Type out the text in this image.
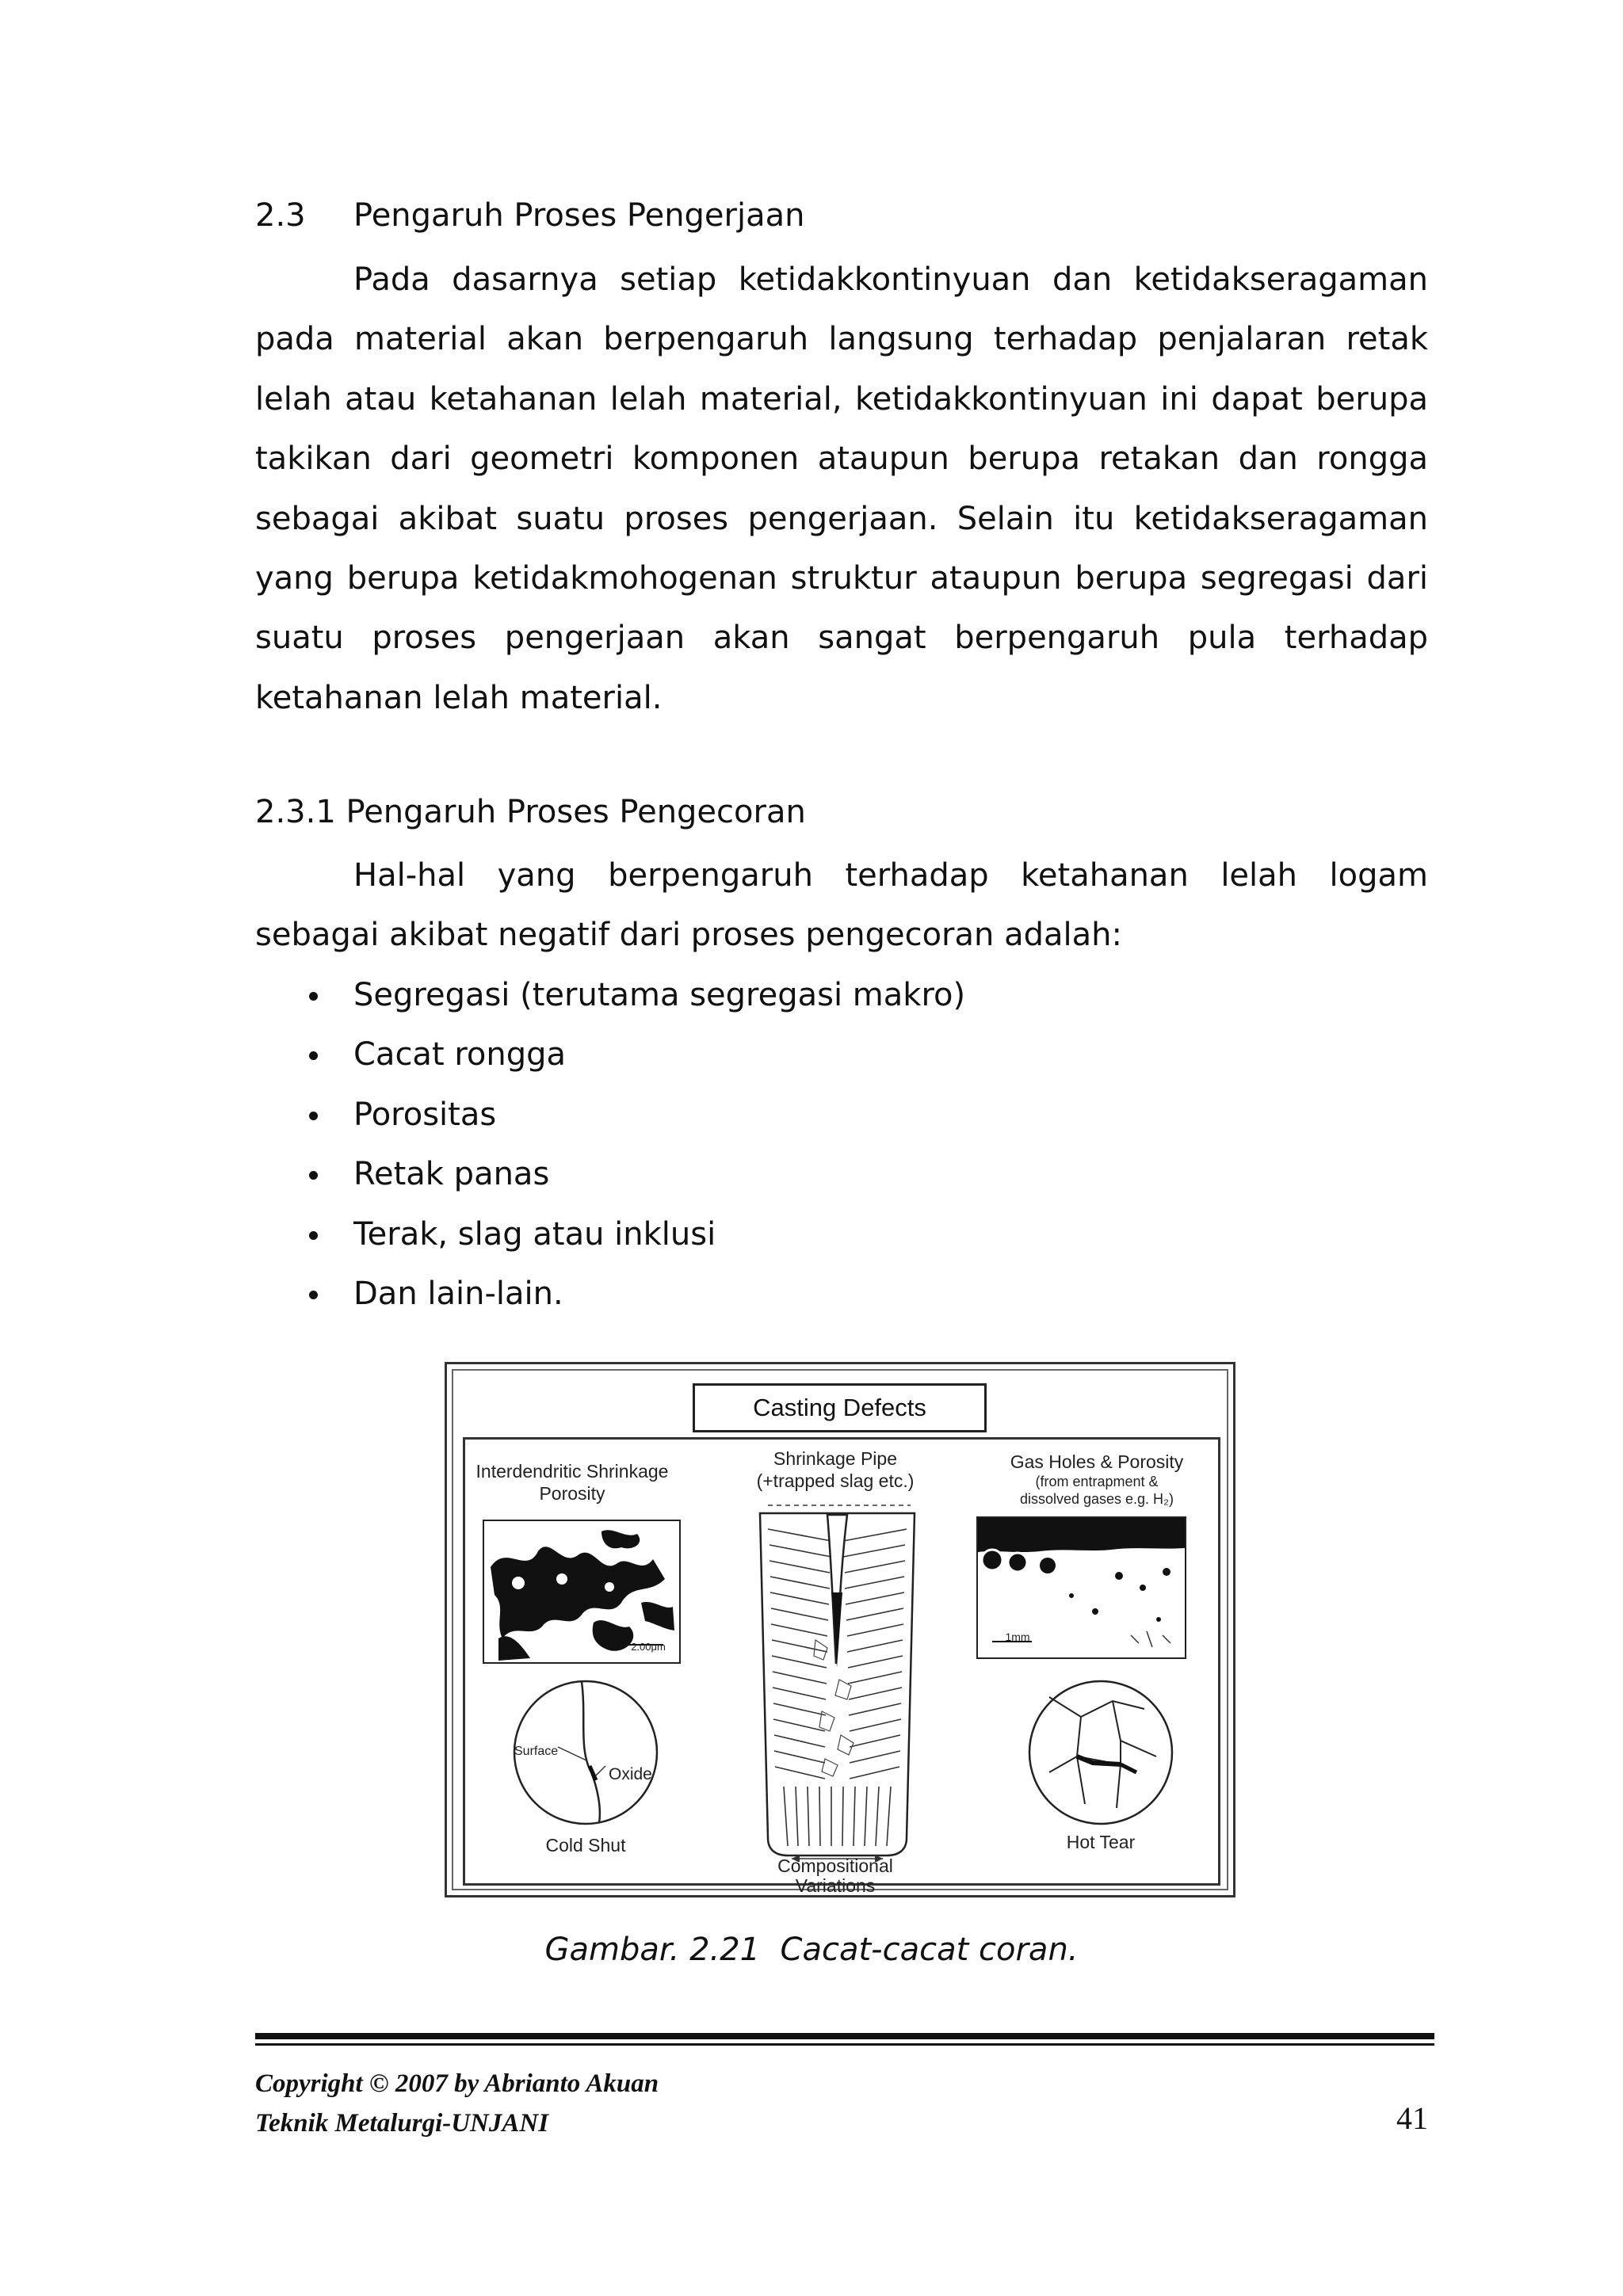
2.3 Pengaruh Proses Pengerjaan

Pada dasarnya setiap ketidakkontinyuan dan ketidakseragaman pada material akan berpengaruh langsung terhadap penjalaran retak lelah atau ketahanan lelah material, ketidakkontinyuan ini dapat berupa takikan dari geometri komponen ataupun berupa retakan dan rongga sebagai akibat suatu proses pengerjaan. Selain itu ketidakseragaman yang berupa ketidakmohogenan struktur ataupun berupa segregasi dari suatu proses pengerjaan akan sangat berpengaruh pula terhadap ketahanan lelah material.

2.3.1 Pengaruh Proses Pengecoran

Hal-hal yang berpengaruh terhadap ketahanan lelah logam sebagai akibat negatif dari proses pengecoran adalah:

Segregasi (terutama segregasi makro)
Cacat rongga
Porositas
Retak panas
Terak, slag atau inklusi
Dan lain-lain.
Casting Defects
Interdendritic Shrinkage
Porosity
Shrinkage Pipe
(+trapped slag etc.)
Gas Holes & Porosity
(from entrapment &
dissolved gases e.g. H₂)
2.00μm
Compositional
Variations
1mm
Surface
Oxide
Cold Shut	Hot Tear
Gambar. 2.21  Cacat-cacat coran.
Copyright © 2007 by Abrianto Akuan
Teknik Metalurgi-UNJANI	41
